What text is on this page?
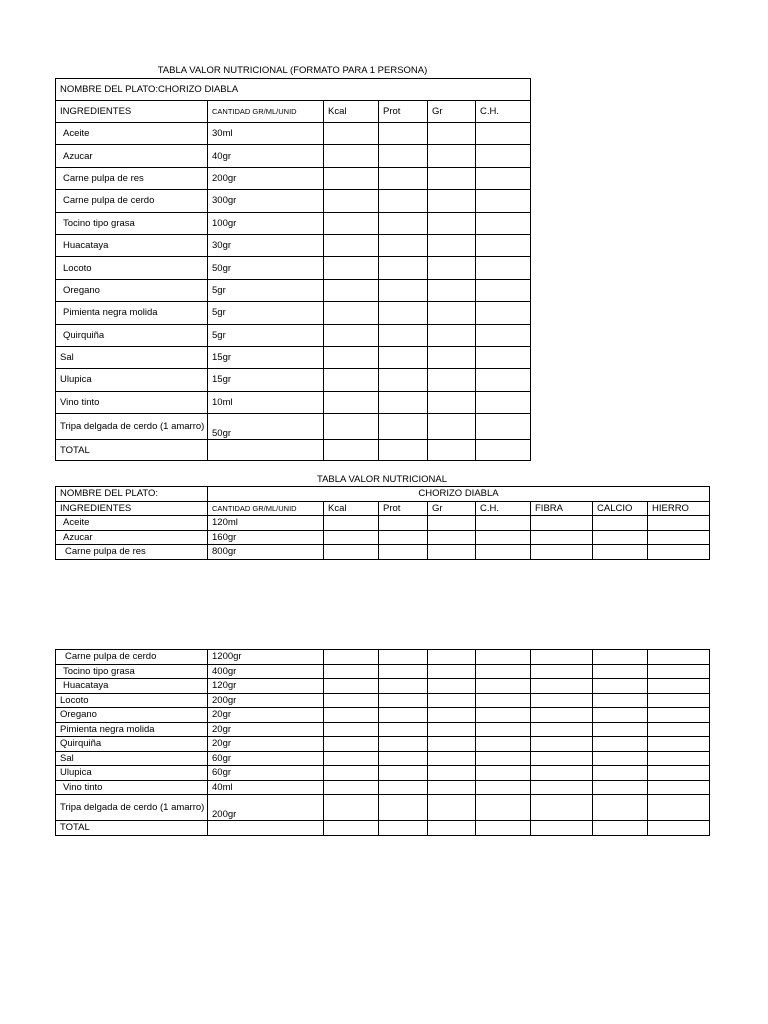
TABLA VALOR NUTRICIONAL (FORMATO PARA 1 PERSONA)
NOMBRE DEL PLATO:CHORIZO DIABLA					
INGREDIENTES	CANTIDAD GR/ML/UNID	Kcal	Prot	Gr	C.H.
Aceite	30ml				
Azucar	40gr				
Carne pulpa de res	200gr				
Carne pulpa de cerdo	300gr				
Tocino tipo grasa	100gr				
Huacataya	30gr				
Locoto	50gr				
Oregano	5gr				
Pimienta negra molida	5gr				
Quirquiña	5gr				
Sal	15gr				
Ulupica	15gr				
Vino tinto	10ml				
Tripa delgada de cerdo (1 amarro)	50gr				
TOTAL					
TABLA VALOR NUTRICIONAL
NOMBRE DEL PLATO:	CHORIZO DIABLA							
INGREDIENTES	CANTIDAD GR/ML/UNID	Kcal	Prot	Gr	C.H.	FIBRA	CALCIO	HIERRO
Aceite	120ml							
Azucar	160gr							
Carne pulpa de res	800gr							
Carne pulpa de cerdo	1200gr							
Tocino tipo grasa	400gr							
Huacataya	120gr							
Locoto	200gr							
Oregano	20gr							
Pimienta negra molida	20gr							
Quirquiña	20gr							
Sal	60gr							
Ulupica	60gr							
Vino tinto	40ml							
Tripa delgada de cerdo (1 amarro)	200gr							
TOTAL								
